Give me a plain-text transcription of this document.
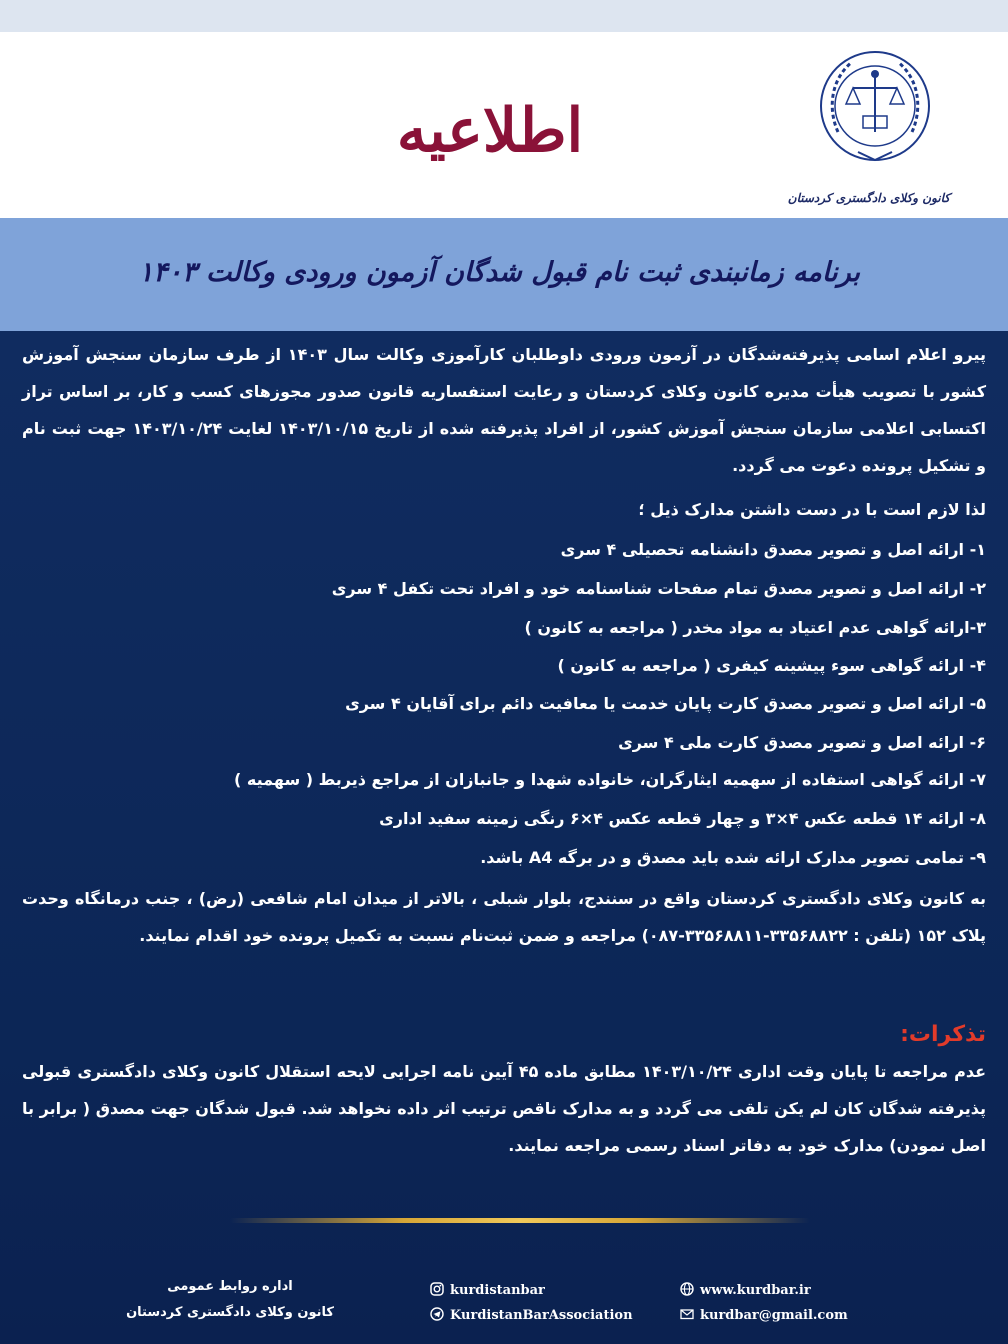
اطلاعیه
کانون وکلای دادگستری کردستان
برنامه زمانبندی ثبت نام قبول شدگان آزمون ورودی وکالت ۱۴۰۳
پیرو اعلام اسامی پذیرفته‌شدگان در آزمون ورودی داوطلبان کارآموزی وکالت سال ۱۴۰۳ از طرف سازمان سنجش آموزش کشور با تصویب هیأت مدیره کانون وکلای کردستان و رعایت استفساریه قانون صدور مجوزهای کسب و کار، بر اساس تراز اکتسابی اعلامی سازمان سنجش آموزش کشور، از افراد پذیرفته شده از تاریخ ۱۴۰۳/۱۰/۱۵ لغایت ۱۴۰۳/۱۰/۲۴ جهت ثبت نام و تشکیل پرونده دعوت می گردد.
لذا لازم است با در دست داشتن مدارک ذیل ؛
۱- ارائه اصل و تصویر مصدق دانشنامه تحصیلی ۴ سری
۲- ارائه اصل و تصویر مصدق تمام صفحات شناسنامه خود و افراد تحت تکفل ۴ سری
۳-ارائه گواهی عدم اعتیاد به مواد مخدر ( مراجعه به کانون )
۴- ارائه گواهی سوء پیشینه کیفری ( مراجعه به کانون )
۵- ارائه اصل و تصویر مصدق کارت پایان خدمت یا معافیت دائم برای آقایان ۴ سری
۶- ارائه اصل و تصویر مصدق کارت ملی ۴ سری
۷- ارائه گواهی استفاده از سهمیه ایثارگران، خانواده شهدا و جانبازان از مراجع ذیربط ( سهمیه )
۸- ارائه ۱۴ قطعه عکس ۴×۳ و چهار قطعه عکس ۴×۶ رنگی زمینه سفید اداری
۹- تمامی تصویر مدارک ارائه شده باید مصدق و در برگه A4 باشد.
به کانون وکلای دادگستری کردستان واقع در سنندج، بلوار شبلی ، بالاتر از میدان امام شافعی (رض) ، جنب درمانگاه وحدت پلاک ۱۵۲ (تلفن : ۳۳۵۶۸۸۲۲-۳۳۵۶۸۸۱۱-۰۸۷) مراجعه و ضمن ثبت‌نام نسبت به تکمیل پرونده خود اقدام نمایند.
تذکرات:
عدم مراجعه تا پایان وقت اداری ۱۴۰۳/۱۰/۲۴ مطابق ماده ۴۵ آیین نامه اجرایی لایحه استقلال کانون وکلای دادگستری قبولی پذیرفته شدگان کان لم یکن تلقی می گردد و به مدارک ناقص ترتیب اثر داده نخواهد شد. قبول شدگان جهت مصدق ( برابر با اصل نمودن) مدارک خود به دفاتر اسناد رسمی مراجعه نمایند.
اداره روابط عمومی
کانون وکلای دادگستری کردستان
kurdistanbar
KurdistanBarAssociation
www.kurdbar.ir
kurdbar@gmail.com
